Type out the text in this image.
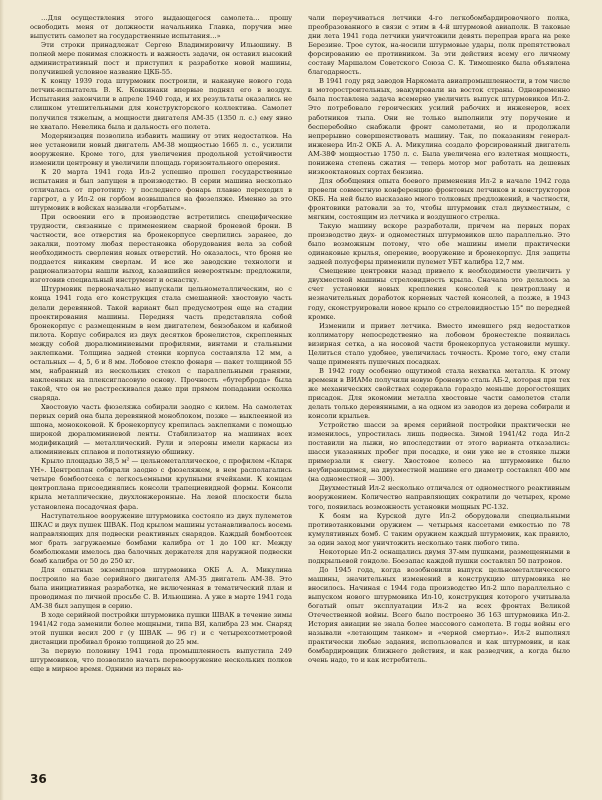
…Для осуществления этого выдающегося самолета… прошу освободить меня от должности начальника Главка, поручив мне выпустить самолет на государственные испытания…»

Эти строки принадлежат Сергею Владимировичу Ильюшину. В полной мере понимая сложность и важность задачи, он оставил высокий административный пост и приступил к разработке новой машины, получившей условное название ЦКБ-55.

К концу 1939 года штурмовик построили, и накануне нового года летчик-испытатель В. К. Коккинаки впервые поднял его в воздух. Испытания закончили в апреле 1940 года, и их результаты оказались не слишком утешительными для конструкторского коллектива. Самолет получился тяжелым, а мощности двигателя АМ-35 (1350 л. с.) ему явно не хватало. Невелика была и дальность его полета.

Модернизация позволила избавить машину от этих недостатков. На нее установили новый двигатель АМ-38 мощностью 1665 л. с., усилили вооружение. Кроме того, для увеличения продольной устойчивости изменили центровку и увеличили площадь горизонтального оперения.

К 20 марта 1941 года Ил-2 успешно прошел государственные испытания и был запущен в производство. В серии машина несколько отличалась от прототипу: у последнего фонарь плавно переходил в гаргрот, а у Ил-2 он горбом возвышался на фюзеляже. Именно за это штурмовик в войсках называли «горбатым».

При освоении его в производстве встретились специфические трудности, связанные с применением сварной броневой брони. В частности, все отверстия на бронекорпусе сверлились заранее, до закалки, поэтому любая перестановка оборудования вела за собой необходимость сверления новых отверстий. Но оказалось, что броня не поддается никаким сверлам. И все же заводские технологи и рационализаторы нашли выход, казавшийся невероятным: предложили, изготовив специальный инструмент и оснастку.

Штурмовик первоначально выпускали цельнометаллическим, но с конца 1941 года его конструкция стала смешанной: хвостовую часть делали деревянной. Такой вариант был предусмотрен еще на стадии проектирования машины. Передняя часть представляла собой бронекорпус с размещенным в нем двигателем, бензобаком и кабиной пилота. Корпус собирался из двух десятков бронелистов, скрепленных между собой дюралюминиевыми профилями, винтами и стальными заклепками. Толщина задней стенки корпуса составляла 12 мм, а остальных — 4, 5, 6 и 8 мм. Лобовое стекло фонаря — пакет толщиной 55 мм, набранный из нескольких стекол с параллельными гранями, наклеенных на плексигласовую основу. Прочность «бутерброда» была такой, что он не растрескивался даже при прямом попадании осколка снаряда.

Хвостовую часть фюзеляжа собирали заодно с килем. На самолетах первых серий она была деревянной моноблоком, позже — выклеенной из шпона, монококовой. К бронекорпусу крепилась заклепками с помощью широкой дюралюминиевой ленты. Стабилизатор на машинах всех модификаций — металлический. Рули и элероны имели каркасы из алюминиевых сплавов и полотняную обшивку.

Крыло площадью 38,5 м² — цельнометаллическое, с профилем «Кларк YH». Центроплан собирали заодно с фюзеляжем, в нем располагались четыре бомбоотсека с легкосъемными крупными ячейками. К концам центроплана присоединялись консоли трапециевидной формы. Консоли крыла металлические, двухлонжеронные. На левой плоскости была установлена посадочная фара.

Наступательное вооружение штурмовика состояло из двух пулеметов ШКАС и двух пушек ШВАК. Под крылом машины устанавливалось восемь направляющих для подвески реактивных снарядов. Каждый бомбоотсек мог брать загружаемые бомбами калибра от 1 до 100 кг. Между бомболюками имелось два балочных держателя для наружной подвески бомб калибра от 50 до 250 кг.

Для опытных экземпляров штурмовика ОКБ А. А. Микулина построило на базе серийного двигателя АМ-35 двигатель АМ-38. Это была инициативная разработка, не включенная в тематический план и проводимая по личной просьбе С. В. Ильюшина. А уже в марте 1941 года АМ-38 был запущен в серию.

В ходе серийной постройки штурмовика пушки ШВАК в течение зимы 1941/42 года заменили более мощными, типа ВЯ, калибра 23 мм. Снаряд этой пушки весил 200 г (у ШВАК — 96 г) и с четырехсотметровой дистанции пробивал броню толщиной до 25 мм.

За первую половину 1941 года промышленность выпустила 249 штурмовиков, что позволило начать перевооружение нескольких полков еще в мирное время. Одними из первых на-

чали переучиваться летчики 4-го легкобомбардировочного полка, преобразованного в связи с этим в 4-й штурмовой авиаполк. В таковые дни лета 1941 года летчики уничтожили девять переправ врага на реке Березине. Трое суток, на-носили штурмовые удары, полк препятствовал форсированию ее противником. За эти действия всему его личному составу Маршалом Советского Союза С. К. Тимошенко была объявлена благодарность.

В 1941 году ряд заводов Наркомата авиапромышленности, в том числе и моторостроительных, эвакуировали на восток страны. Одновременно была поставлена задача всемерно увеличить выпуск штурмовиков Ил-2. Это потребовало героических усилий рабочих и инженеров, всех работников тыла. Они не только выполнили эту поручение и бесперебойно снабжали фронт самолетами, но и продолжали непрерывно совершенствовать машину. Так, по показаниям генерал-инженера Ил-2 ОКБ А. А. Микулина создало форсированный двигатель АМ-38Ф мощностью 1750 л. с. Была увеличена его взлетная мощность, понижена степень сжатия — теперь мотор мог работать на дешевых низкооктановых сортах бензина.

Для обобщения опыта боевого применения Ил-2 в начале 1942 года провели совместную конференцию фронтовых летчиков и конструкторов ОКБ. На ней было высказано много толковых предложений, в частности, фронтовики ратовали за то, чтобы штурмовик стал двухместным, с мягким, состоящим из летчика и воздушного стрелка.

Такую машину вскоре разработали, причем на первых порах производство двух- и одноместных штурмовиков шло параллельно. Это было возможным потому, что обе машины имели практически одинаковые крылья, оперение, вооружение и бронекорпус. Для защиты задней полусферы применили пулемет УБТ калибра 12,7 мм.

Смещение центровки назад привело к необходимости увеличить у двухместной машины стреловидность крыла. Сначала это делалось за счет установки новых крепления консолей к центроплану и незначительных доработок корневых частей консолей, а позже, в 1943 году, сконструировали новое крыло со стреловидностью 15° по передней кромке.

Изменили и привет летчика. Вместо имевшего ряд недостатков коллиматору непосредственно на лобовом бронестекле появилась визирная сетка, а на носовой части бронекорпуса установили мушку. Целиться стало удобнее, увеличилась точность. Кроме того, ему стали чаще применять пушечных посадках.

В 1942 году особенно ощутимой стала нехватка металла. К этому времени в ВИАМе получили новую броневую сталь АБ-2, которая при тех же механических свойствах содержала гораздо меньше дорогостоящих присадок. Для экономии металла хвостовые части самолетов стали делать только деревянными, а на одном из заводов из дерева собирали и консоли крыльев.

Устройство шасси за время серийной постройки практически не изменилось, упростилась лишь подвеска. Зимой 1941/42 года Ил-2 поставили на лыжи, но впоследствии от этого варианта отказались: шасси указанных пробег при посадке, и они уже не в стоянке лыжи примерзали к снегу. Хвостовое колесо на штурмовике было неубирающимся, на двухместной машине его диаметр составлял 400 мм (на одноместной — 300).

Двухместный Ил-2 несколько отличался от одноместного реактивным вооружением. Количество направляющих сократили до четырех, кроме того, появилась возможность установки мощных РС-132.

К боям на Курской дуге Ил-2 оборудовали специальными противотанковыми оружием — четырьмя кассетами емкостью по 78 кумулятивных бомб. С таким оружием каждый штурмовик, как правило, за один заход мог уничтожить несколько танк любого типа.

Некоторые Ил-2 оснащались двумя 37-мм пушками, размещенными в подкрыльевой гондоле. Боезапас каждой пушки составлял 50 патронов.

До 1945 года, когда возобновили выпуск цельнометаллического машины, значительных изменений в конструкцию штурмовика не вносилось. Начиная с 1944 года производство Ил-2 шло параллельно с выпуском нового штурмовика Ил-10, конструкция которого учитывала богатый опыт эксплуатации Ил-2 на всех фронтах Великой Отечественной войны. Всего было построено 36 163 штурмовика Ил-2. История авиации не знала более массового самолета. В годы войны его называли «летающим танком» и «черной смертью». Ил-2 выполнял практически любые задания, использовался и как штурмовик, и как бомбардировщик ближнего действия, и как разведчик, а когда было очень надо, то и как истребитель.

36
